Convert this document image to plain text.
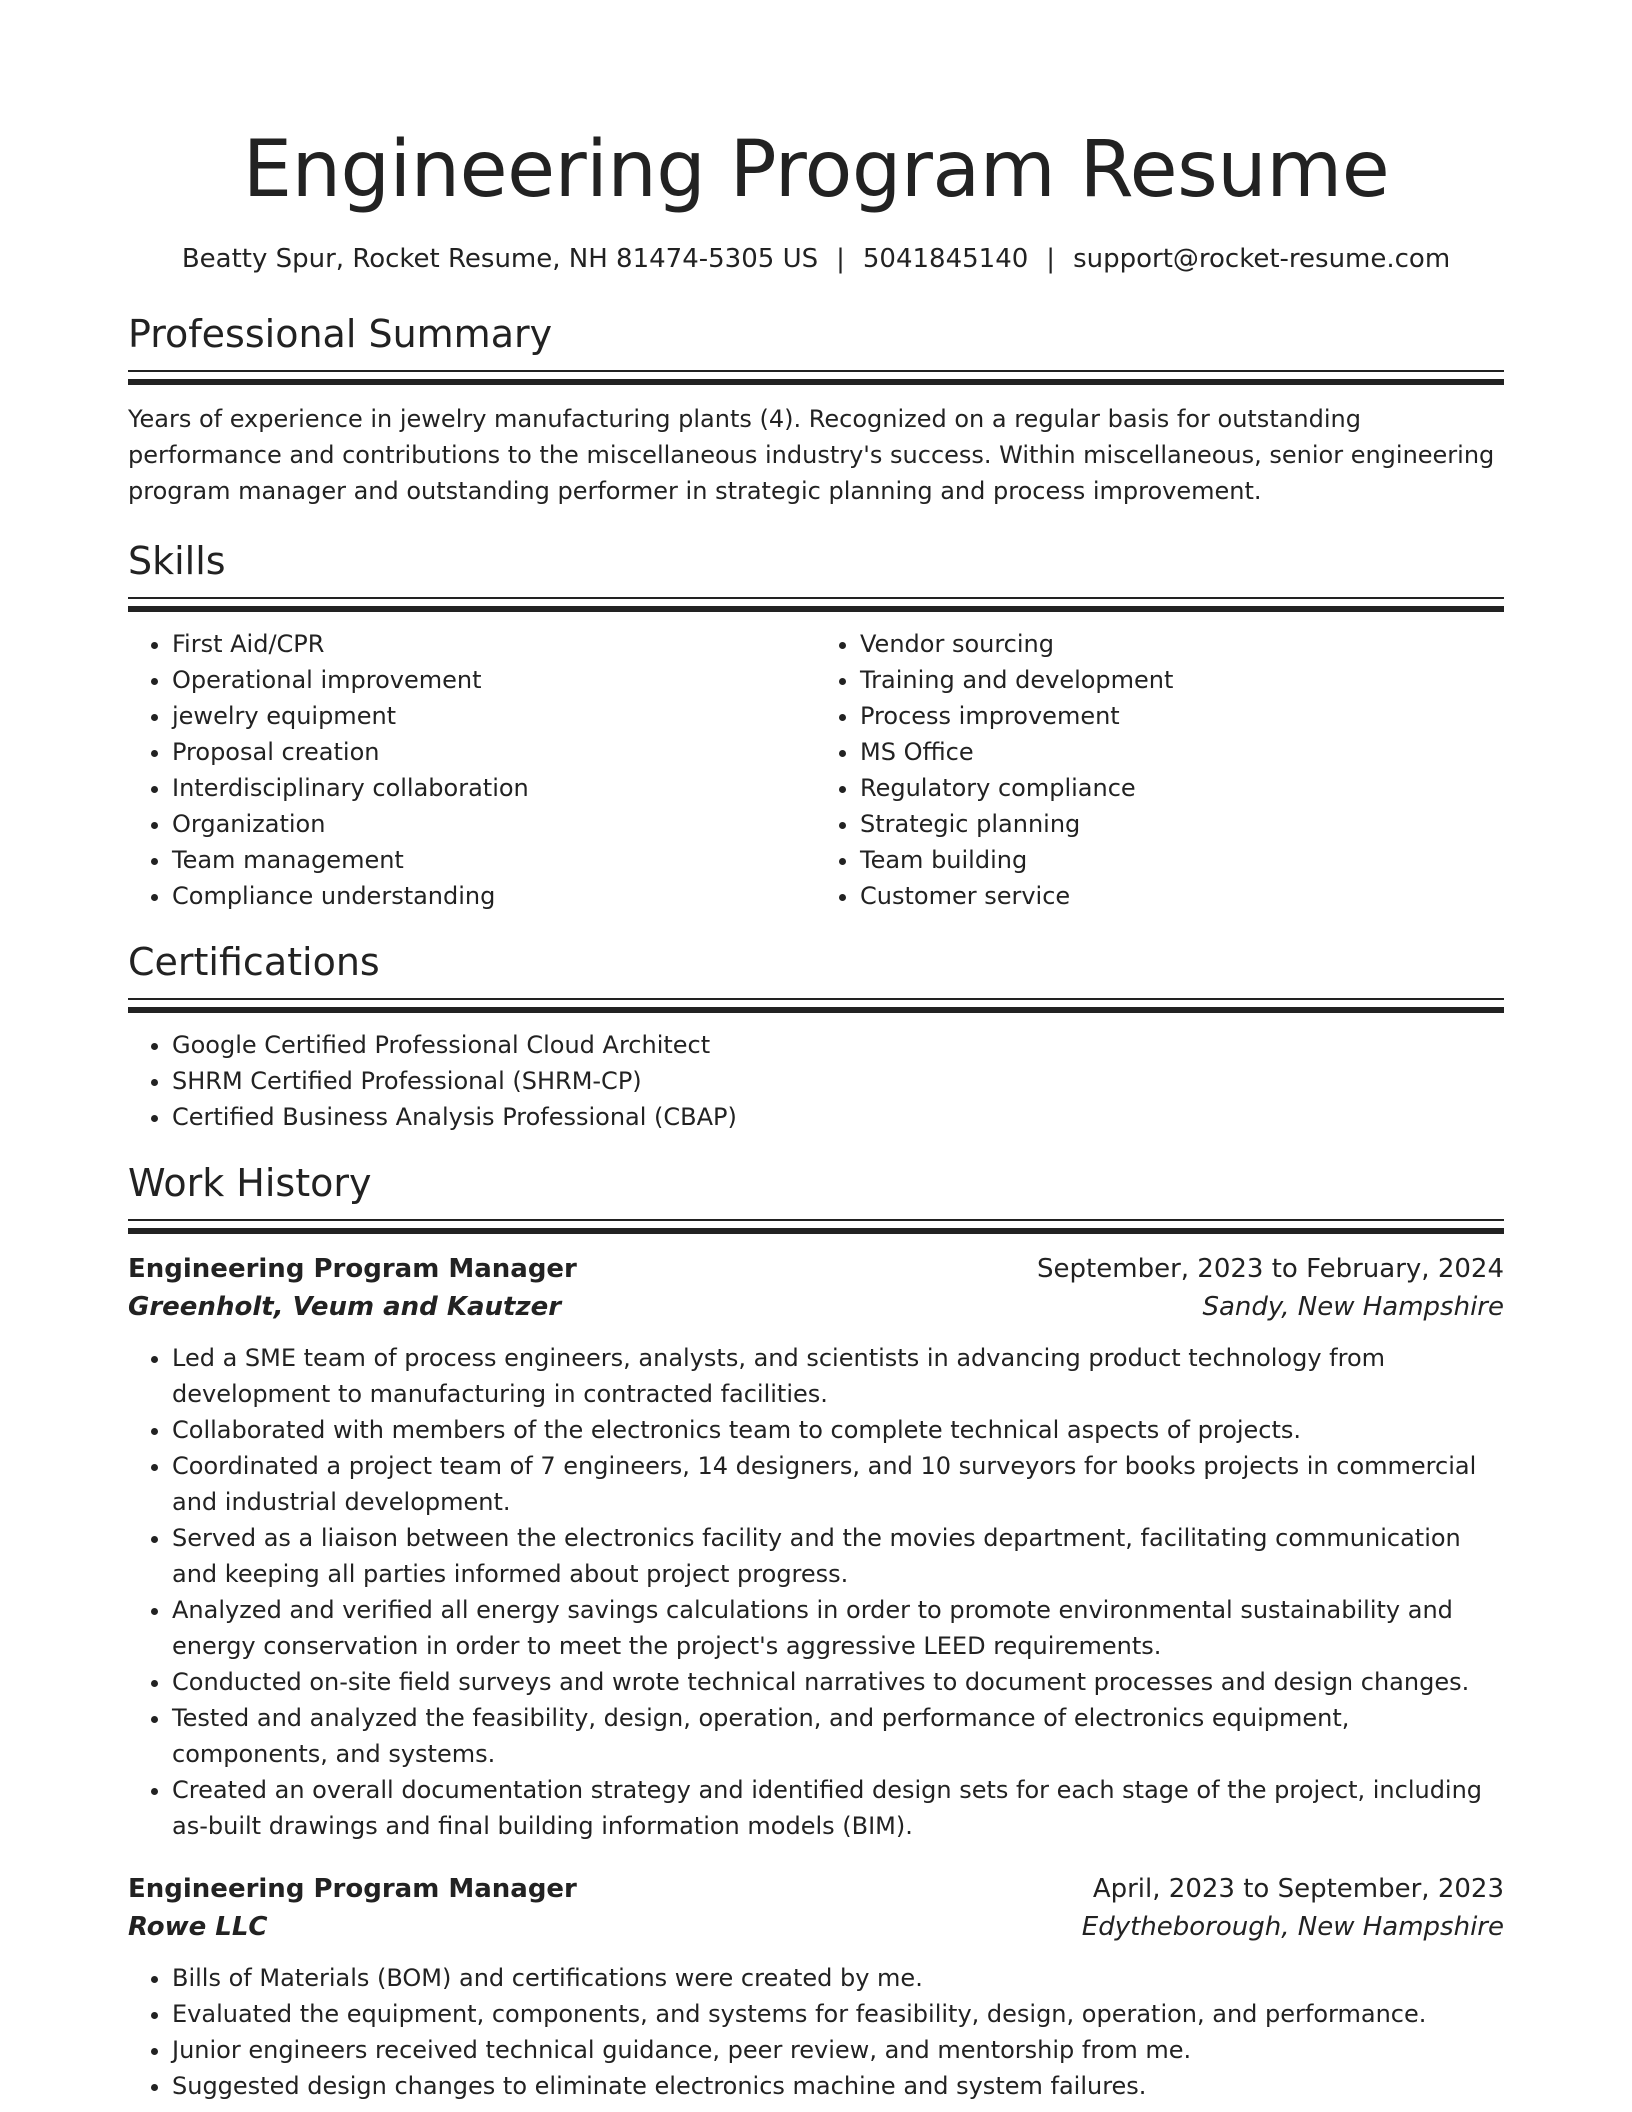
Engineering Program Resume
Beatty Spur, Rocket Resume, NH 81474-5305 US | 5041845140 | support@rocket-resume.com
Professional Summary

Years of experience in jewelry manufacturing plants (4). Recognized on a regular basis for outstanding performance and contributions to the miscellaneous industry's success. Within miscellaneous, senior engineering program manager and outstanding performer in strategic planning and process improvement.

Skills
• First Aid/CPR
• Operational improvement
• jewelry equipment
• Proposal creation
• Interdisciplinary collaboration
• Organization
• Team management
• Compliance understanding
• Vendor sourcing
• Training and development
• Process improvement
• MS Office
• Regulatory compliance
• Strategic planning
• Team building
• Customer service
Certifications
• Google Certified Professional Cloud Architect
• SHRM Certified Professional (SHRM-CP)
• Certified Business Analysis Professional (CBAP)
Work History
Engineering Program Manager	September, 2023 to February, 2024
Greenholt, Veum and Kautzer	Sandy, New Hampshire
• Led a SME team of process engineers, analysts, and scientists in advancing product technology from development to manufacturing in contracted facilities.
• Collaborated with members of the electronics team to complete technical aspects of projects.
• Coordinated a project team of 7 engineers, 14 designers, and 10 surveyors for books projects in commercial and industrial development.
• Served as a liaison between the electronics facility and the movies department, facilitating communication and keeping all parties informed about project progress.
• Analyzed and verified all energy savings calculations in order to promote environmental sustainability and energy conservation in order to meet the project's aggressive LEED requirements.
• Conducted on-site field surveys and wrote technical narratives to document processes and design changes.
• Tested and analyzed the feasibility, design, operation, and performance of electronics equipment, components, and systems.
• Created an overall documentation strategy and identified design sets for each stage of the project, including as-built drawings and final building information models (BIM).
Engineering Program Manager	April, 2023 to September, 2023
Rowe LLC	Edytheborough, New Hampshire
• Bills of Materials (BOM) and certifications were created by me.
• Evaluated the equipment, components, and systems for feasibility, design, operation, and performance.
• Junior engineers received technical guidance, peer review, and mentorship from me.
• Suggested design changes to eliminate electronics machine and system failures.
